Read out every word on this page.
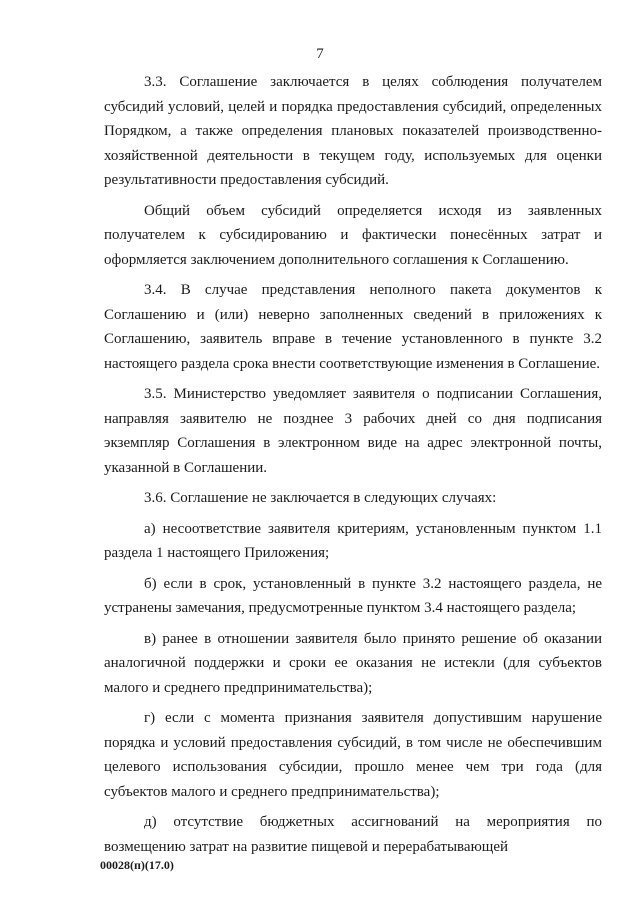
7

3.3. Соглашение заключается в целях соблюдения получателем субсидий условий, целей и порядка предоставления субсидий, определенных Порядком, а также определения плановых показателей производственно-хозяйственной деятельности в текущем году, используемых для оценки результативности предоставления субсидий.

Общий объем субсидий определяется исходя из заявленных получателем к субсидированию и фактически понесённых затрат и оформляется заключением дополнительного соглашения к Соглашению.

3.4. В случае представления неполного пакета документов к Соглашению и (или) неверно заполненных сведений в приложениях к Соглашению, заявитель вправе в течение установленного в пункте 3.2 настоящего раздела срока внести соответствующие изменения в Соглашение.

3.5. Министерство уведомляет заявителя о подписании Соглашения, направляя заявителю не позднее 3 рабочих дней со дня подписания экземпляр Соглашения в электронном виде на адрес электронной почты, указанной в Соглашении.

3.6. Соглашение не заключается в следующих случаях:

а) несоответствие заявителя критериям, установленным пунктом 1.1 раздела 1 настоящего Приложения;

б) если в срок, установленный в пункте 3.2 настоящего раздела, не устранены замечания, предусмотренные пунктом 3.4 настоящего раздела;

в) ранее в отношении заявителя было принято решение об оказании аналогичной поддержки и сроки ее оказания не истекли (для субъектов малого и среднего предпринимательства);

г) если с момента признания заявителя допустившим нарушение порядка и условий предоставления субсидий, в том числе не обеспечившим целевого использования субсидии, прошло менее чем три года (для субъектов малого и среднего предпринимательства);

д) отсутствие бюджетных ассигнований на мероприятия по возмещению затрат на развитие пищевой и перерабатывающей

00028(п)(17.0)
